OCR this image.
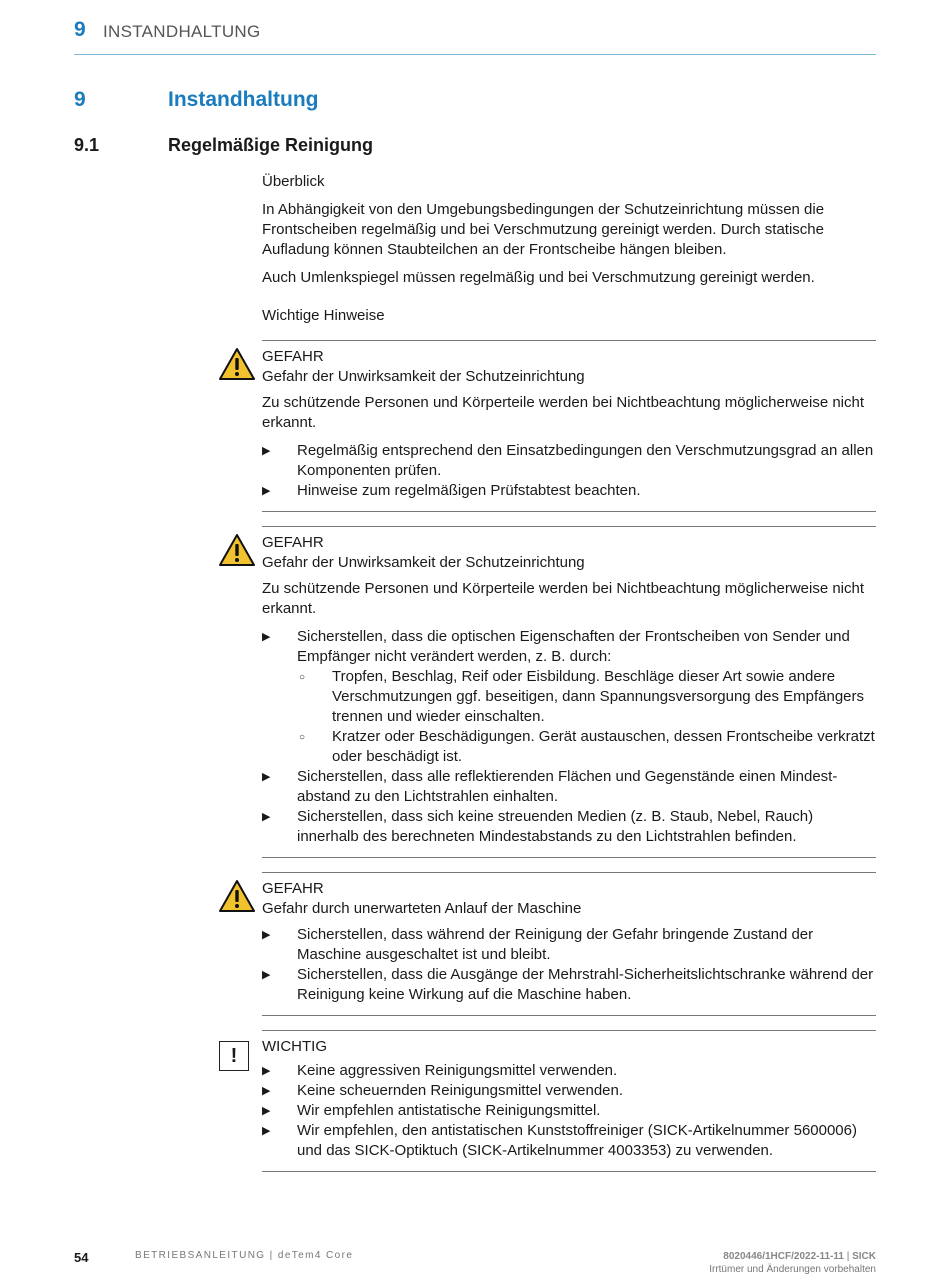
9 INSTANDHALTUNG
9	Instandhaltung
9.1	Regelmäßige Reinigung
Überblick

In Abhängigkeit von den Umgebungsbedingungen der Schutzeinrichtung müssen die Frontscheiben regelmäßig und bei Verschmutzung gereinigt werden. Durch statische Aufladung können Staubteilchen an der Frontscheibe hängen bleiben.

Auch Umlenkspiegel müssen regelmäßig und bei Verschmutzung gereinigt werden.

Wichtige Hinweise
GEFAHR
Gefahr der Unwirksamkeit der Schutzeinrichtung

Zu schützende Personen und Körperteile werden bei Nichtbeachtung möglicherweise nicht erkannt.

▶ Regelmäßig entsprechend den Einsatzbedingungen den Verschmutzungsgrad an allen Komponenten prüfen.
▶ Hinweise zum regelmäßigen Prüfstabtest beachten.
GEFAHR
Gefahr der Unwirksamkeit der Schutzeinrichtung

Zu schützende Personen und Körperteile werden bei Nichtbeachtung möglicherweise nicht erkannt.

▶ Sicherstellen, dass die optischen Eigenschaften der Frontscheiben von Sender und Empfänger nicht verändert werden, z. B. durch:
○ Tropfen, Beschlag, Reif oder Eisbildung. Beschläge dieser Art sowie andere Verschmutzungen ggf. beseitigen, dann Spannungsversorgung des Empfängers trennen und wieder einschalten.
○ Kratzer oder Beschädigungen. Gerät austauschen, dessen Frontscheibe verkratzt oder beschädigt ist.
▶ Sicherstellen, dass alle reflektierenden Flächen und Gegenstände einen Mindestabstand zu den Lichtstrahlen einhalten.
▶ Sicherstellen, dass sich keine streuenden Medien (z. B. Staub, Nebel, Rauch) innerhalb des berechneten Mindestabstands zu den Lichtstrahlen befinden.
GEFAHR
Gefahr durch unerwarteten Anlauf der Maschine
▶ Sicherstellen, dass während der Reinigung der Gefahr bringende Zustand der Maschine ausgeschaltet ist und bleibt.
▶ Sicherstellen, dass die Ausgänge der Mehrstrahl-Sicherheitslichtschranke während der Reinigung keine Wirkung auf die Maschine haben.
!	WICHTIG
▶ Keine aggressiven Reinigungsmittel verwenden.
▶ Keine scheuernden Reinigungsmittel verwenden.
▶ Wir empfehlen antistatische Reinigungsmittel.
▶ Wir empfehlen, den antistatischen Kunststoffreiniger (SICK-Artikelnummer 5600006) und das SICK-Optiktuch (SICK-Artikelnummer 4003353) zu verwenden.
54	BETRIEBSANLEITUNG | deTem4 Core	8020446/1HCF/2022-11-11 | SICK
Irrtümer und Änderungen vorbehalten
